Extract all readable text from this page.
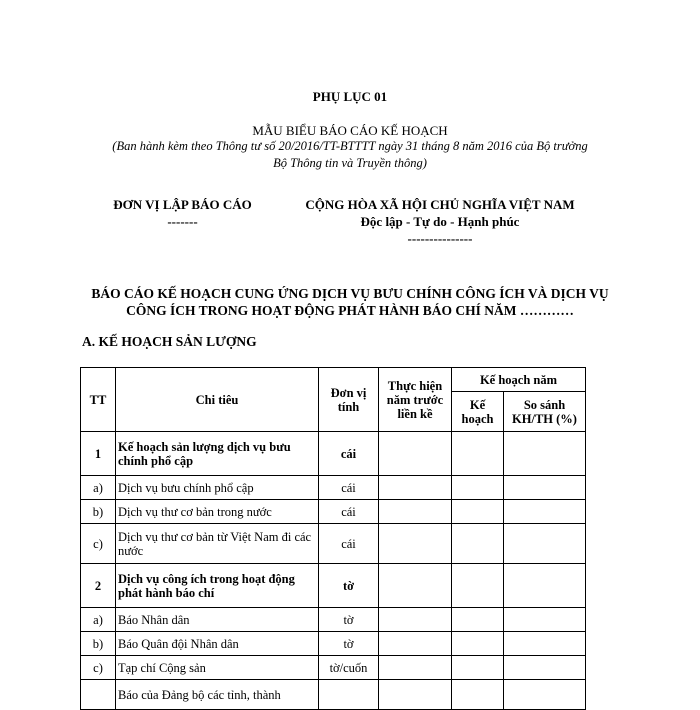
PHỤ LỤC 01
MẪU BIỂU BÁO CÁO KẾ HOẠCH
(Ban hành kèm theo Thông tư số 20/2016/TT-BTTTT ngày 31 tháng 8 năm 2016 của Bộ trưởng
Bộ Thông tin và Truyền thông)
ĐƠN VỊ LẬP BÁO CÁO
-------
CỘNG HÒA XÃ HỘI CHỦ NGHĨA VIỆT NAM
Độc lập - Tự do - Hạnh phúc
---------------
BÁO CÁO KẾ HOẠCH CUNG ỨNG DỊCH VỤ BƯU CHÍNH CÔNG ÍCH VÀ DỊCH VỤ
CÔNG ÍCH TRONG HOẠT ĐỘNG PHÁT HÀNH BÁO CHÍ NĂM …………
A. KẾ HOẠCH SẢN LƯỢNG
TT	Chi tiêu	Đơn vị tính	Thực hiện năm trước liền kề	Kế hoạch năm	
				Kế hoạch	So sánh KH/TH (%)
1	Kế hoạch sản lượng dịch vụ bưu chính phổ cập	cái			
a)	Dịch vụ bưu chính phổ cập	cái			
b)	Dịch vụ thư cơ bản trong nước	cái			
c)	Dịch vụ thư cơ bản từ Việt Nam đi các nước	cái			
2	Dịch vụ công ích trong hoạt động phát hành báo chí	tờ			
a)	Báo Nhân dân	tờ			
b)	Báo Quân đội Nhân dân	tờ			
c)	Tạp chí Cộng sản	tờ/cuốn			
	Báo của Đảng bộ các tỉnh, thành				
